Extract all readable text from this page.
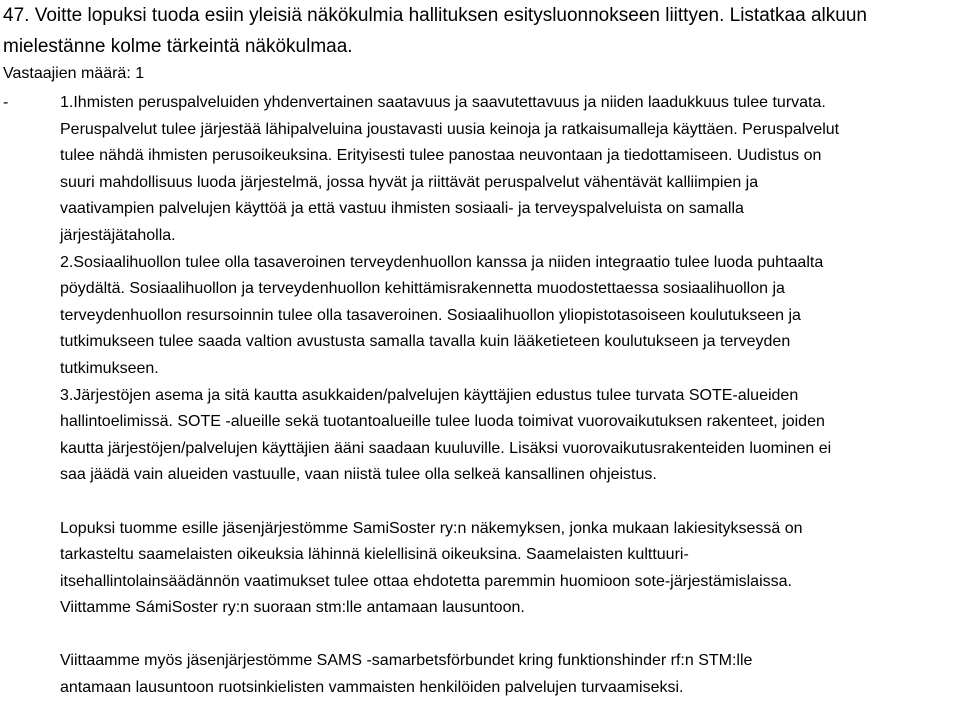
47. Voitte lopuksi tuoda esiin yleisiä näkökulmia hallituksen esitysluonnokseen liittyen. Listatkaa alkuun mielestänne kolme tärkeintä näkökulmaa.
Vastaajien määrä: 1
-	1.Ihmisten peruspalveluiden yhdenvertainen saatavuus ja saavutettavuus ja niiden laadukkuus tulee turvata.
Peruspalvelut tulee järjestää lähipalveluina joustavasti uusia keinoja ja ratkaisumalleja käyttäen. Peruspalvelut
tulee nähdä ihmisten perusoikeuksina. Erityisesti tulee panostaa neuvontaan ja tiedottamiseen. Uudistus on
suuri mahdollisuus luoda järjestelmä, jossa hyvät ja riittävät peruspalvelut vähentävät kalliimpien ja
vaativampien palvelujen käyttöä ja että vastuu ihmisten sosiaali- ja terveyspalveluista on samalla
järjestäjätaholla.

2.Sosiaalihuollon tulee olla tasaveroinen terveydenhuollon kanssa ja niiden integraatio tulee luoda puhtaalta
pöydältä. Sosiaalihuollon ja terveydenhuollon kehittämisrakennetta muodostettaessa sosiaalihuollon ja
terveydenhuollon resursoinnin tulee olla tasaveroinen. Sosiaalihuollon yliopistotasoiseen koulutukseen ja
tutkimukseen tulee saada valtion avustusta samalla tavalla kuin lääketieteen koulutukseen ja terveyden
tutkimukseen.

3.Järjestöjen asema ja sitä kautta asukkaiden/palvelujen käyttäjien edustus tulee turvata SOTE-alueiden
hallintoelimissä. SOTE -alueille sekä tuotantoalueille tulee luoda toimivat vuorovaikutuksen rakenteet, joiden
kautta järjestöjen/palvelujen käyttäjien ääni saadaan kuuluville. Lisäksi vuorovaikutusrakenteiden luominen ei
saa jäädä vain alueiden vastuulle, vaan niistä tulee olla selkeä kansallinen ohjeistus.

Lopuksi tuomme esille jäsenjärjestömme SamiSoster ry:n näkemyksen, jonka mukaan lakiesityksessä on
tarkasteltu saamelaisten oikeuksia lähinnä kielellisinä oikeuksina. Saamelaisten kulttuuri-
itsehallintolainsäädännön vaatimukset tulee ottaa ehdotetta paremmin huomioon sote-järjestämislaissa.
Viittamme SámiSoster ry:n suoraan stm:lle antamaan lausuntoon.

Viittaamme myös jäsenjärjestömme SAMS -samarbetsförbundet kring funktionshinder rf:n STM:lle
antamaan lausuntoon ruotsinkielisten vammaisten henkilöiden palvelujen turvaamiseksi.
